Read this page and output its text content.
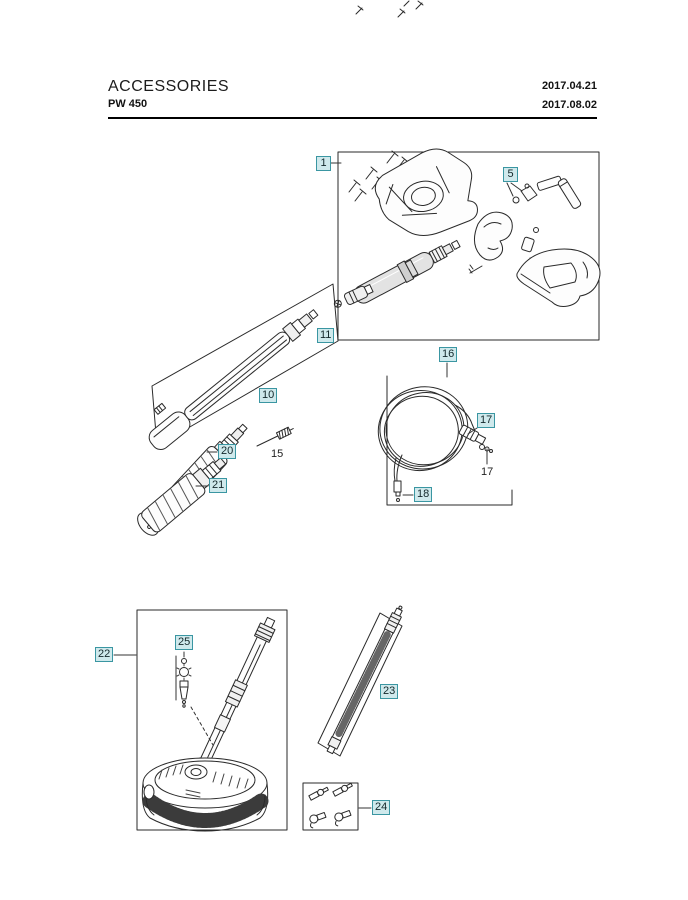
ACCESSORIES
PW 450
2017.04.21
2017.08.02
1
5
10
11
16
17
18
20
21
22
23
24
25
15
17
